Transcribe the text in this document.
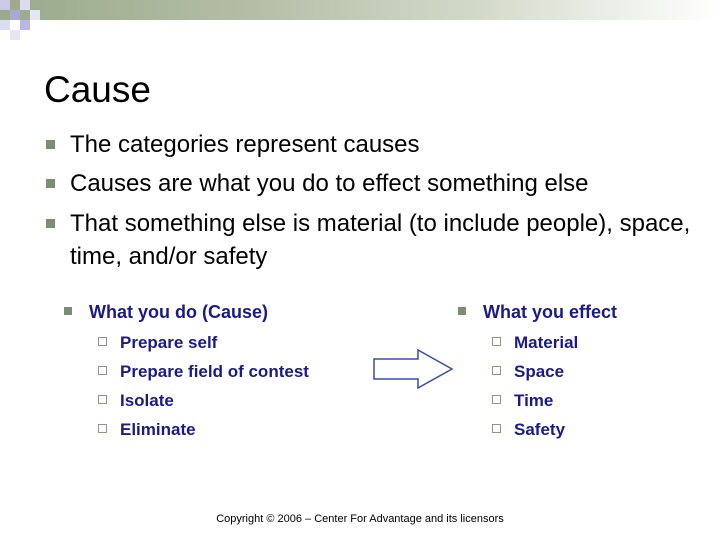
Cause
The categories represent causes
Causes are what you do to effect something else
That something else is material (to include people), space, time, and/or safety
What you do (Cause)
Prepare self
Prepare field of contest
Isolate
Eliminate
What you effect
Material
Space
Time
Safety
Copyright © 2006 – Center For Advantage and its licensors
